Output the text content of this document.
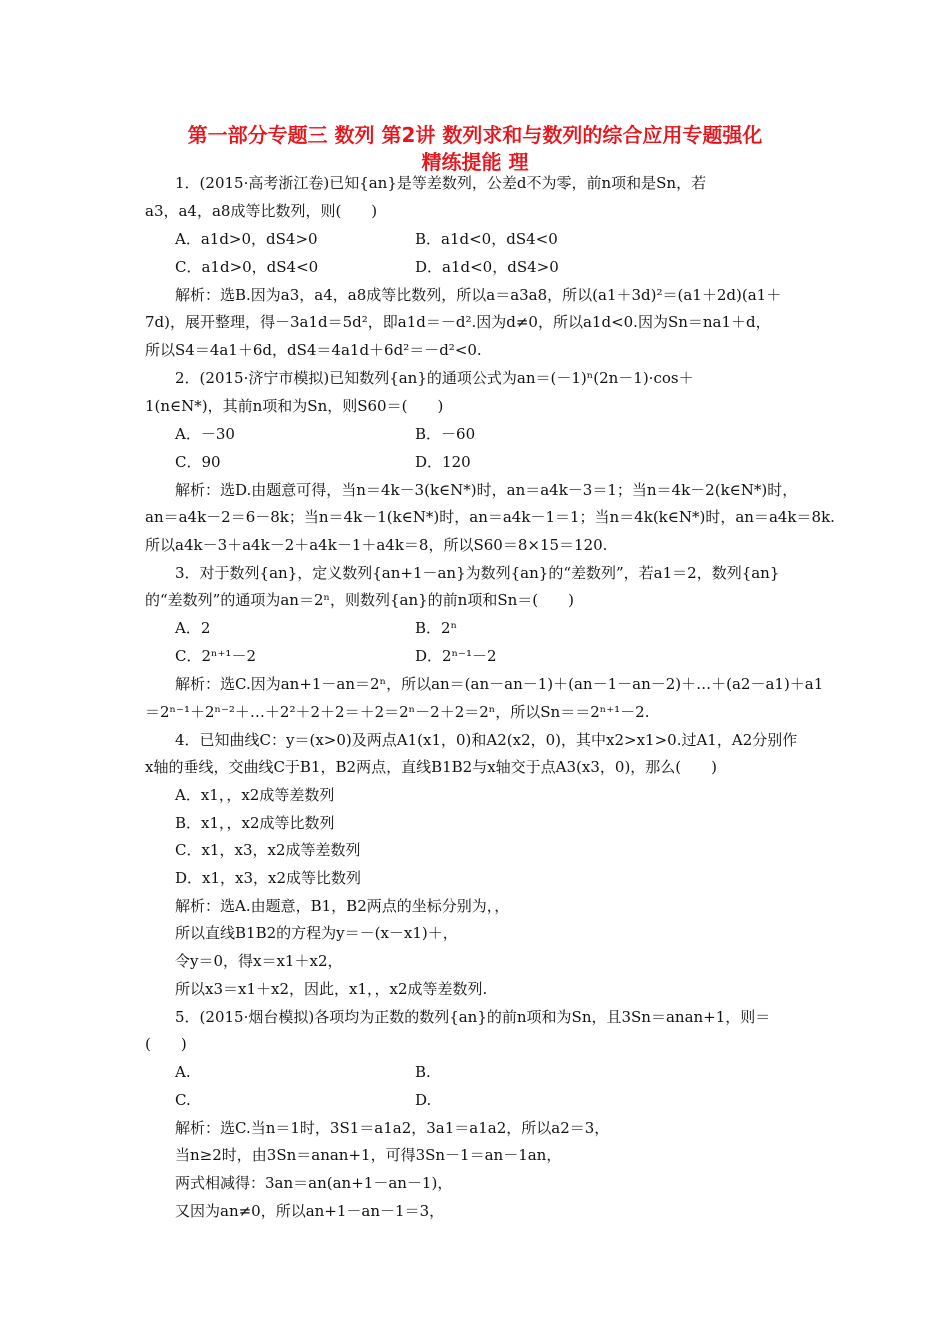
第一部分专题三 数列 第2讲 数列求和与数列的综合应用专题强化
精练提能 理
1．(2015·高考浙江卷)已知{an}是等差数列，公差d不为零，前n项和是Sn，若
a3，a4，a8成等比数列，则(　　)
A．a1d>0，dS4>0	B．a1d<0，dS4<0
C．a1d>0，dS4<0	D．a1d<0，dS4>0
解析：选B.因为a3，a4，a8成等比数列，所以a＝a3a8，所以(a1＋3d)²＝(a1＋2d)(a1＋
7d)，展开整理，得－3a1d＝5d²，即a1d＝－d².因为d≠0，所以a1d<0.因为Sn＝na1＋d，
所以S4＝4a1＋6d，dS4＝4a1d＋6d²＝－d²<0.
2．(2015·济宁市模拟)已知数列{an}的通项公式为an＝(－1)ⁿ(2n－1)·cos＋
1(n∈N*)，其前n项和为Sn，则S60＝(　　)
A．－30	B．－60
C．90	D．120
解析：选D.由题意可得，当n＝4k－3(k∈N*)时，an＝a4k－3＝1；当n＝4k－2(k∈N*)时，
an＝a4k－2＝6－8k；当n＝4k－1(k∈N*)时，an＝a4k－1＝1；当n＝4k(k∈N*)时，an＝a4k＝8k.
所以a4k－3＋a4k－2＋a4k－1＋a4k＝8，所以S60＝8×15＝120.
3．对于数列{an}，定义数列{an+1－an}为数列{an}的“差数列”，若a1＝2，数列{an}
的“差数列”的通项为an＝2ⁿ，则数列{an}的前n项和Sn＝(　　)
A．2	B．2ⁿ
C．2ⁿ⁺¹－2	D．2ⁿ⁻¹－2
解析：选C.因为an+1－an＝2ⁿ，所以an＝(an－an－1)＋(an－1－an－2)＋…＋(a2－a1)＋a1
＝2ⁿ⁻¹＋2ⁿ⁻²＋…＋2²＋2＋2＝＋2＝2ⁿ－2＋2＝2ⁿ，所以Sn＝＝2ⁿ⁺¹－2.
4．已知曲线C：y＝(x>0)及两点A1(x1，0)和A2(x2，0)，其中x2>x1>0.过A1，A2分别作
x轴的垂线，交曲线C于B1，B2两点，直线B1B2与x轴交于点A3(x3，0)，那么(　　)
A．x1，，x2成等差数列
B．x1，，x2成等比数列
C．x1，x3，x2成等差数列
D．x1，x3，x2成等比数列
解析：选A.由题意，B1，B2两点的坐标分别为，，
所以直线B1B2的方程为y＝－(x－x1)＋，
令y＝0，得x＝x1＋x2，
所以x3＝x1＋x2，因此，x1，，x2成等差数列.
5．(2015·烟台模拟)各项均为正数的数列{an}的前n项和为Sn，且3Sn＝anan+1，则＝
(　　)
A.	B.
C.	D.
解析：选C.当n＝1时，3S1＝a1a2，3a1＝a1a2，所以a2＝3，
当n≥2时，由3Sn＝anan+1，可得3Sn－1＝an－1an，
两式相减得：3an＝an(an+1－an－1)，
又因为an≠0，所以an+1－an－1＝3，
